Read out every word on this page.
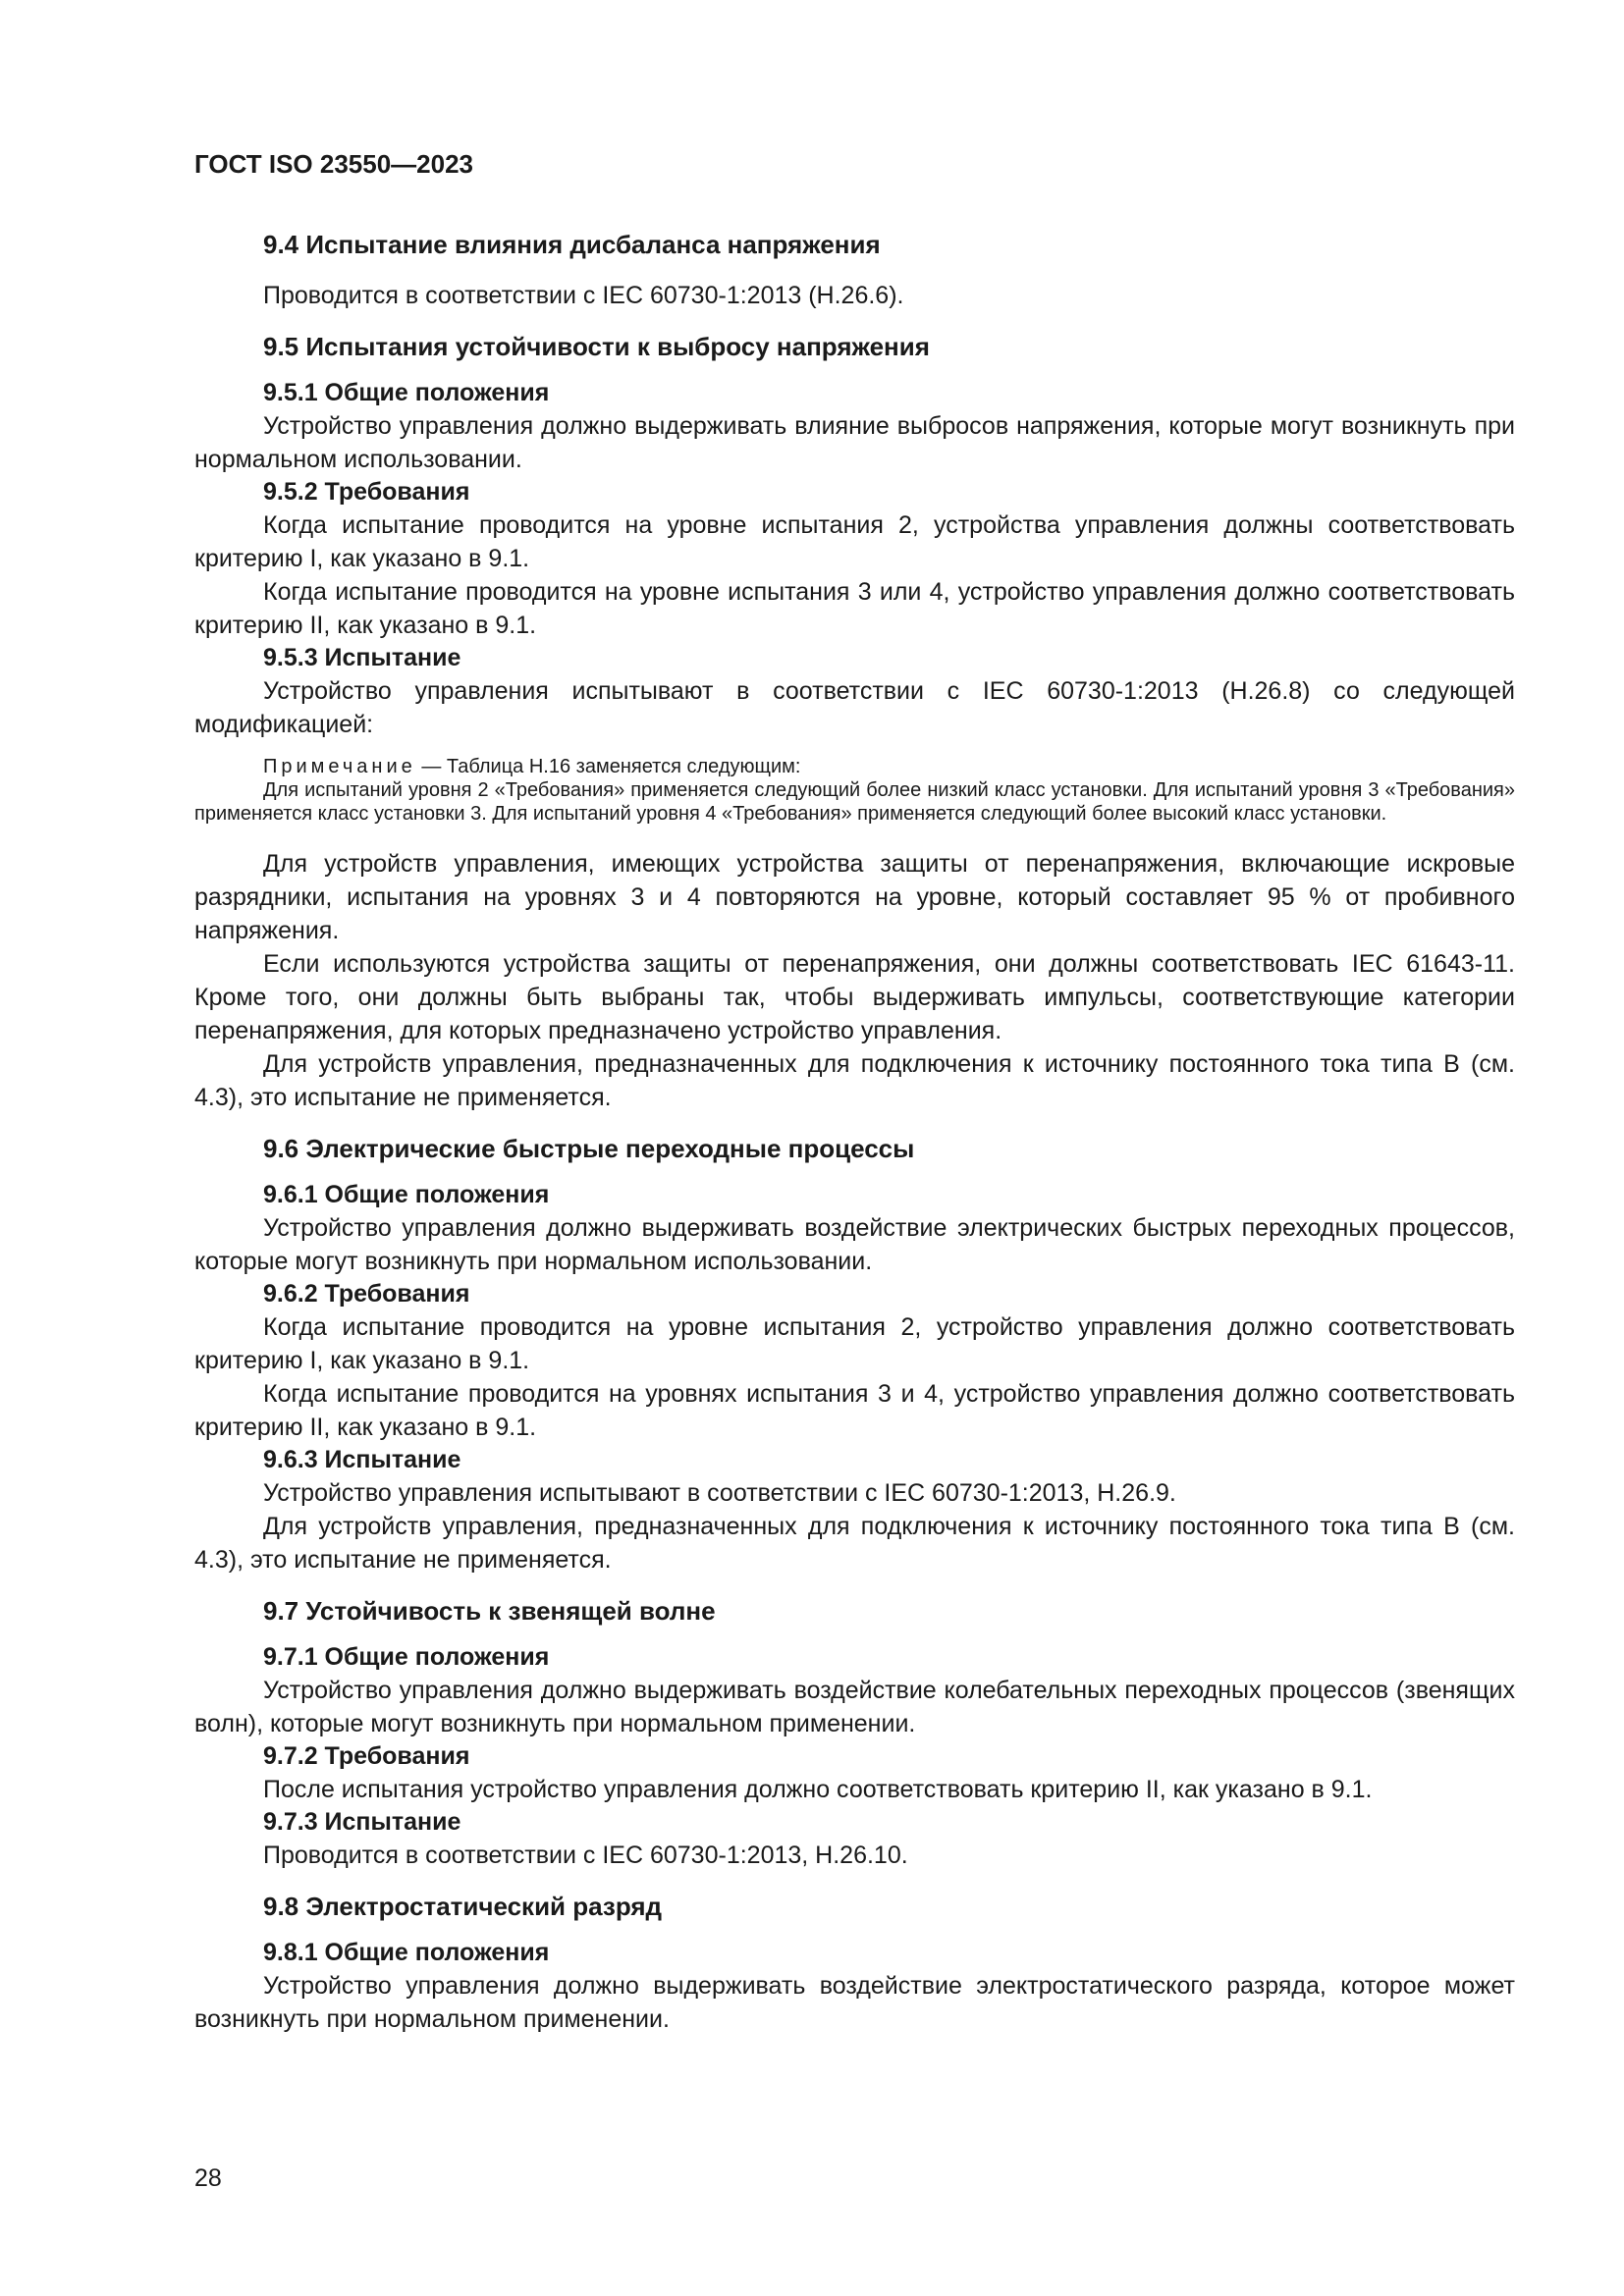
ГОСТ ISO 23550—2023

9.4 Испытание влияния дисбаланса напряжения

Проводится в соответствии с IEC 60730-1:2013 (H.26.6).

9.5 Испытания устойчивости к выбросу напряжения

9.5.1 Общие положения

Устройство управления должно выдерживать влияние выбросов напряжения, которые могут возникнуть при нормальном использовании.

9.5.2 Требования

Когда испытание проводится на уровне испытания 2, устройства управления должны соответствовать критерию I, как указано в 9.1.

Когда испытание проводится на уровне испытания 3 или 4, устройство управления должно соответствовать критерию II, как указано в 9.1.

9.5.3 Испытание

Устройство управления испытывают в соответствии с IEC 60730-1:2013 (H.26.8) со следующей модификацией:

Примечание — Таблица Н.16 заменяется следующим:

Для испытаний уровня 2 «Требования» применяется следующий более низкий класс установки. Для испытаний уровня 3 «Требования» применяется класс установки 3. Для испытаний уровня 4 «Требования» применяется следующий более высокий класс установки.

Для устройств управления, имеющих устройства защиты от перенапряжения, включающие искровые разрядники, испытания на уровнях 3 и 4 повторяются на уровне, который составляет 95 % от пробивного напряжения.

Если используются устройства защиты от перенапряжения, они должны соответствовать IEC 61643-11. Кроме того, они должны быть выбраны так, чтобы выдерживать импульсы, соответствующие категории перенапряжения, для которых предназначено устройство управления.

Для устройств управления, предназначенных для подключения к источнику постоянного тока типа В (см. 4.3), это испытание не применяется.

9.6 Электрические быстрые переходные процессы

9.6.1 Общие положения

Устройство управления должно выдерживать воздействие электрических быстрых переходных процессов, которые могут возникнуть при нормальном использовании.

9.6.2 Требования

Когда испытание проводится на уровне испытания 2, устройство управления должно соответствовать критерию I, как указано в 9.1.

Когда испытание проводится на уровнях испытания 3 и 4, устройство управления должно соответствовать критерию II, как указано в 9.1.

9.6.3 Испытание

Устройство управления испытывают в соответствии с IEC 60730-1:2013, H.26.9.

Для устройств управления, предназначенных для подключения к источнику постоянного тока типа В (см. 4.3), это испытание не применяется.

9.7 Устойчивость к звенящей волне

9.7.1 Общие положения

Устройство управления должно выдерживать воздействие колебательных переходных процессов (звенящих волн), которые могут возникнуть при нормальном применении.

9.7.2 Требования

После испытания устройство управления должно соответствовать критерию II, как указано в 9.1.

9.7.3 Испытание

Проводится в соответствии с IEC 60730-1:2013, H.26.10.

9.8 Электростатический разряд

9.8.1 Общие положения

Устройство управления должно выдерживать воздействие электростатического разряда, которое может возникнуть при нормальном применении.

28
